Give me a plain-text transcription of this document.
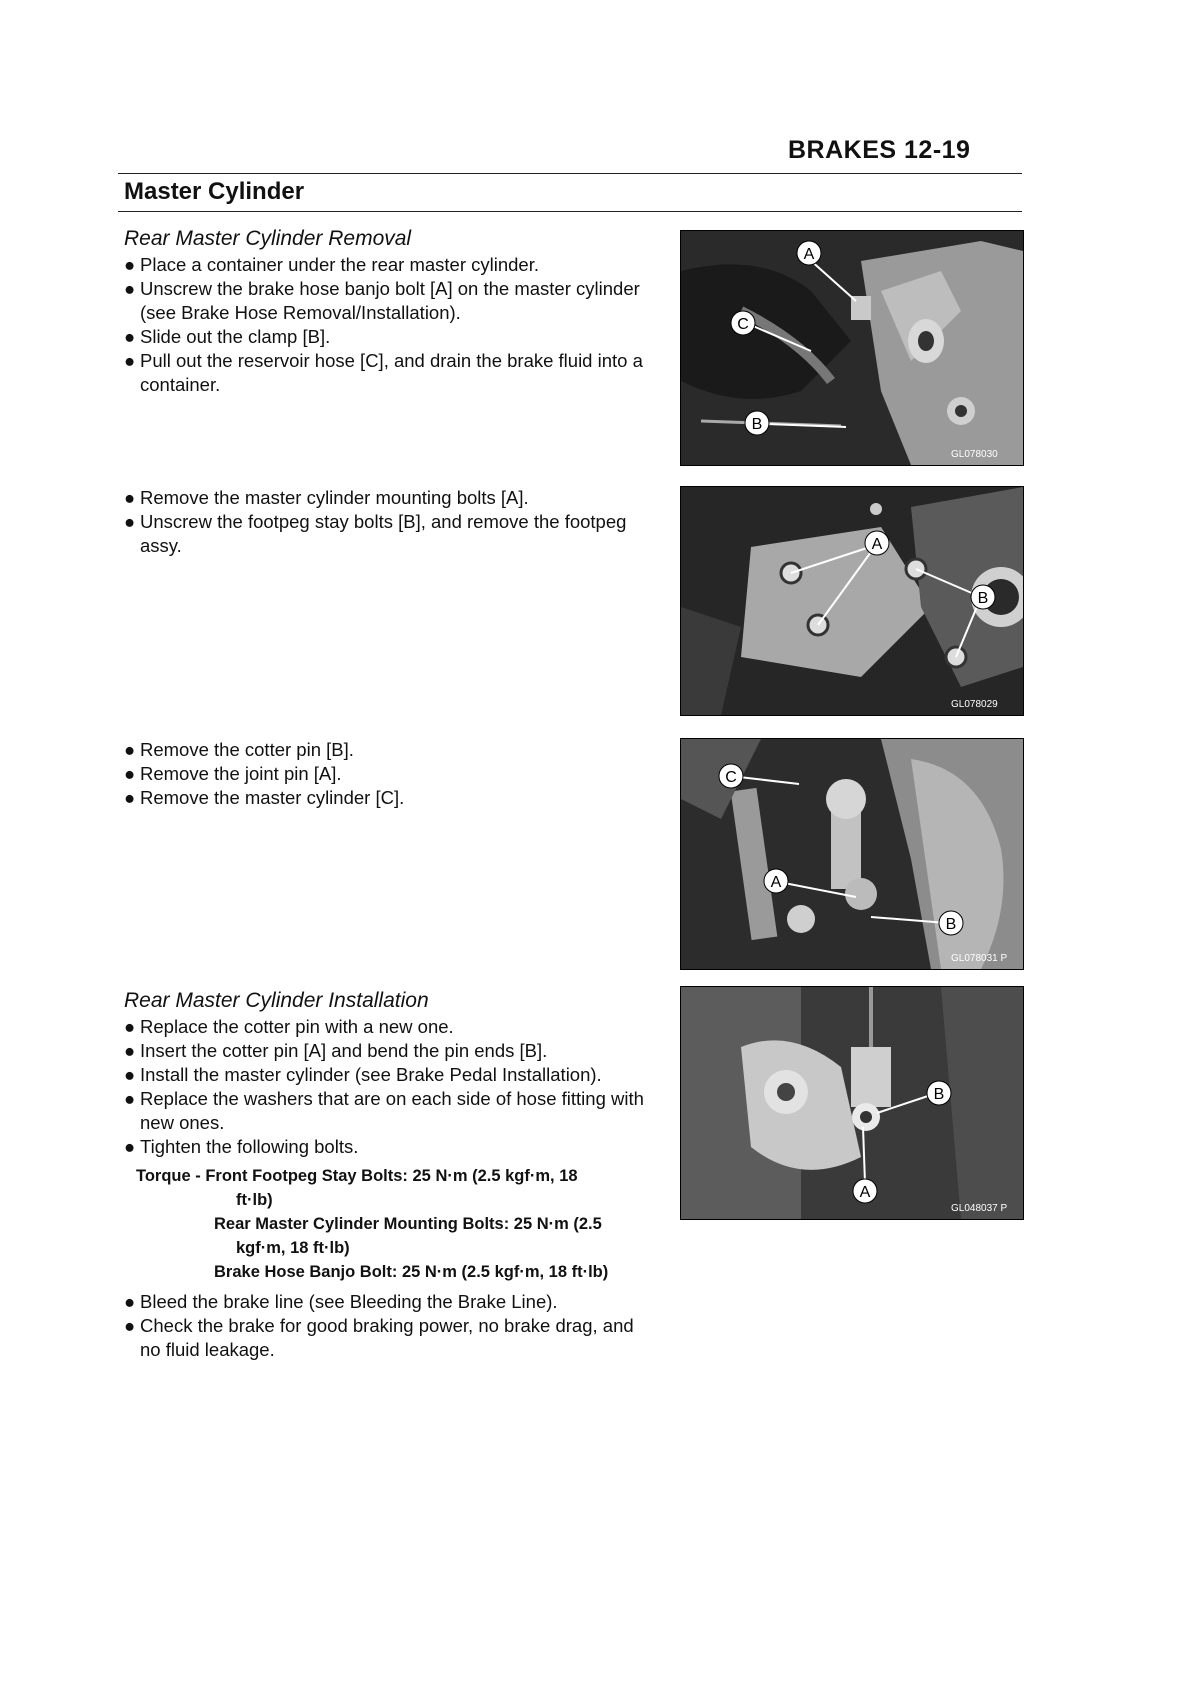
BRAKES 12-19
Master Cylinder
Rear Master Cylinder Removal
● Place a container under the rear master cylinder.
● Unscrew the brake hose banjo bolt [A] on the master cylinder (see Brake Hose Removal/Installation).
● Slide out the clamp [B].
● Pull out the reservoir hose [C], and drain the brake fluid into a container.
● Remove the master cylinder mounting bolts [A].
● Unscrew the footpeg stay bolts [B], and remove the footpeg assy.
● Remove the cotter pin [B].
● Remove the joint pin [A].
● Remove the master cylinder [C].
Rear Master Cylinder Installation
● Replace the cotter pin with a new one.
● Insert the cotter pin [A] and bend the pin ends [B].
● Install the master cylinder (see Brake Pedal Installation).
● Replace the washers that are on each side of hose fitting with new ones.
● Tighten the following bolts.
Torque - Front Footpeg Stay Bolts: 25 N·m (2.5 kgf·m, 18
ft·lb)
Rear Master Cylinder Mounting Bolts: 25 N·m (2.5
kgf·m, 18 ft·lb)
Brake Hose Banjo Bolt: 25 N·m (2.5 kgf·m, 18 ft·lb)
● Bleed the brake line (see Bleeding the Brake Line).
● Check the brake for good braking power, no brake drag, and no fluid leakage.
A
C
B
GL078030
A
B
GL078029
C
A
B
GL078031 P
B
A
GL048037 P
